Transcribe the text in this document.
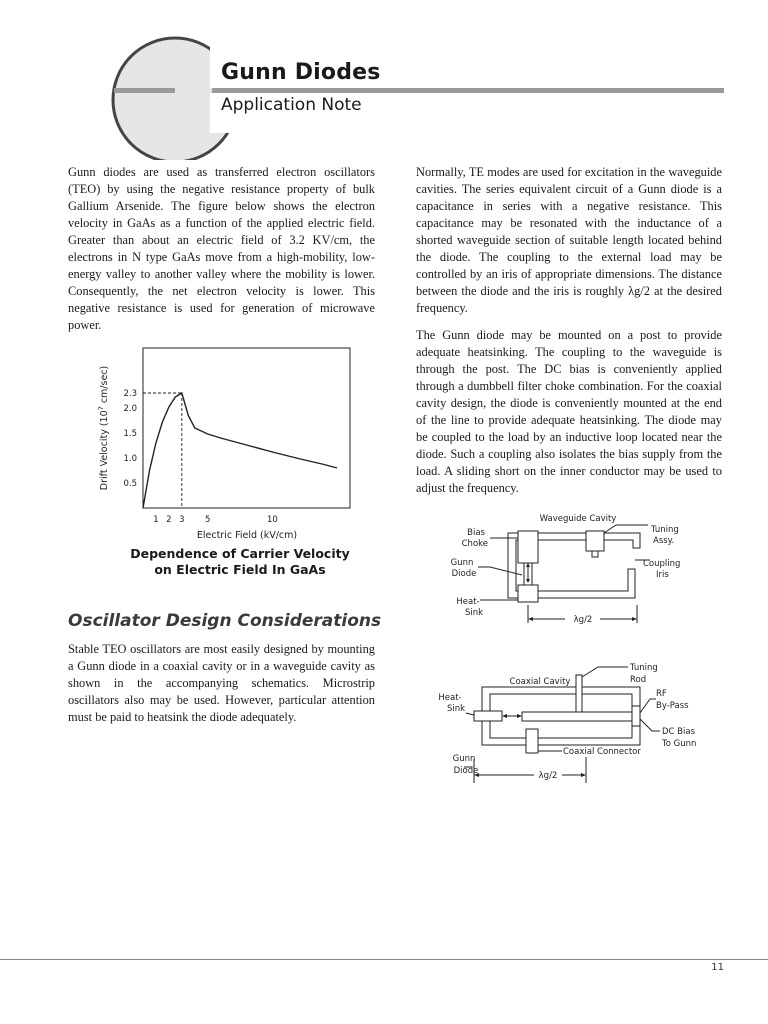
Gunn Diodes
Application Note

Gunn diodes are used as transferred electron oscillators (TEO) by using the negative resistance property of bulk Gallium Arsenide. The figure below shows the electron velocity in GaAs as a function of the applied electric field. Greater than about an electric field of 3.2 KV/cm, the electrons in N type GaAs move from a high-mobility, low-energy valley to another valley where the mobility is lower. Consequently, the net electron velocity is lower. This negative resistance is used for generation of microwave power.

0.5
1.0
1.5
2.0
2.3
1 2 3 5	10
Electric Field (kV/cm)
Drift Velocity ($10^7$ cm/sec)
Dependence of Carrier Velocity
on Electric Field In GaAs
Oscillator Design Considerations

Stable TEO oscillators are most easily designed by mounting a Gunn diode in a coaxial cavity or in a waveguide cavity as shown in the accompanying schematics. Microstrip oscillators also may be used. However, particular attention must be paid to heatsink the diode adequately.

Normally, TE modes are used for excitation in the waveguide cavities. The series equivalent circuit of a Gunn diode is a capacitance in series with a negative resistance. This capacitance may be resonated with the inductance of a shorted waveguide section of suitable length located behind the diode. The coupling to the external load may be controlled by an iris of appropriate dimensions. The distance between the diode and the iris is roughly λg/2 at the desired frequency.

The Gunn diode may be mounted on a post to provide adequate heatsinking. The coupling to the waveguide is through the post. The DC bias is conveniently applied through a dumbbell filter choke combination. For the coaxial cavity design, the diode is conveniently mounted at the end of the line to provide adequate heatsinking. The diode may be coupled to the load by an inductive loop located near the diode. Such a coupling also isolates the bias supply from the load. A sliding short on the inner conductor may be used to adjust the frequency.

Waveguide Cavity
Bias
Choke
Gunn
Diode
Heat-
Sink
Tuning
Assy.
Coupling
Iris
λg/2
Coaxial Cavity
Tuning
Rod
Heat-
Sink
RF
By-Pass
DC Bias
To Gunn
Coaxial Connector
Gunn
Diode	λg/2
11
